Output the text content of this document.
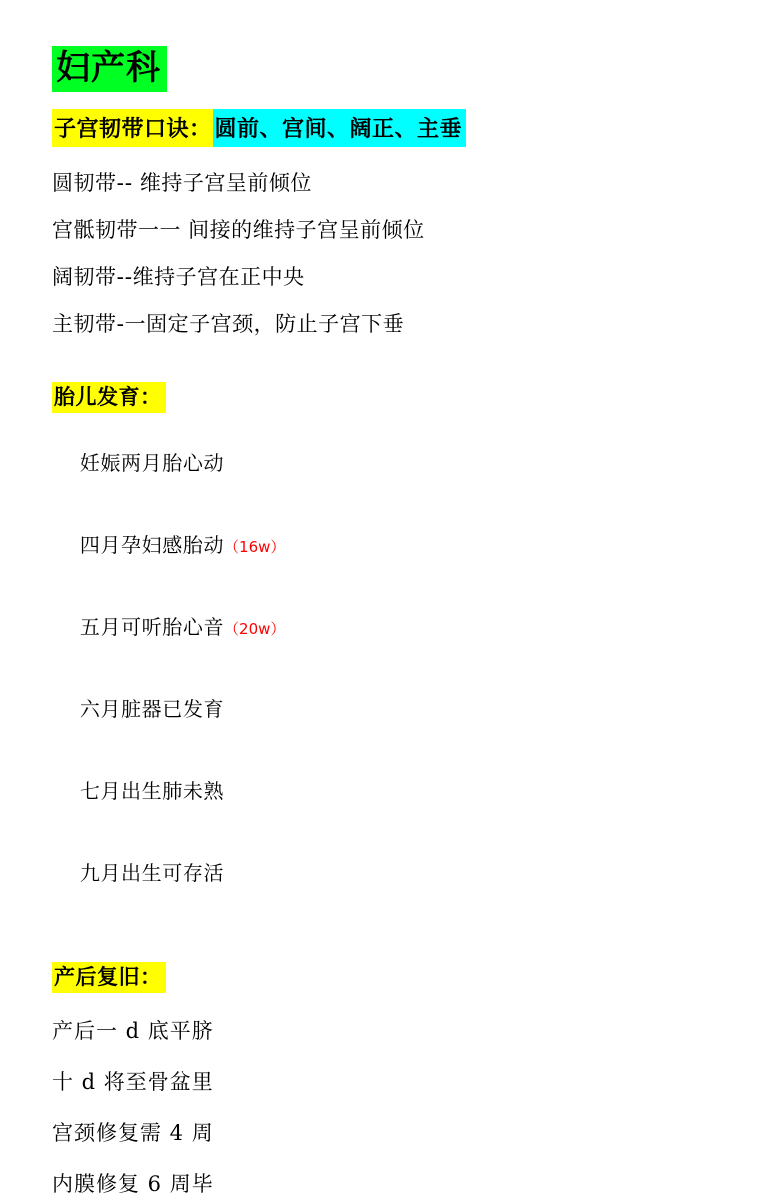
妇产科
子宫韧带口诀： 圆前、宫间、阔正、主垂
圆韧带-- 维持子宫呈前倾位
宫骶韧带一一 间接的维持子宫呈前倾位
阔韧带--维持子宫在正中央
主韧带-一固定子宫颈，防止子宫下垂
胎儿发育：

妊娠两月胎心动

四月孕妇感胎动（16w）

五月可听胎心音（20w）

六月脏器已发育

七月出生肺未熟

九月出生可存活

产后复旧：
产后一 d 底平脐
十 d 将至骨盆里
宫颈修复需 4 周
内膜修复 6 周毕
